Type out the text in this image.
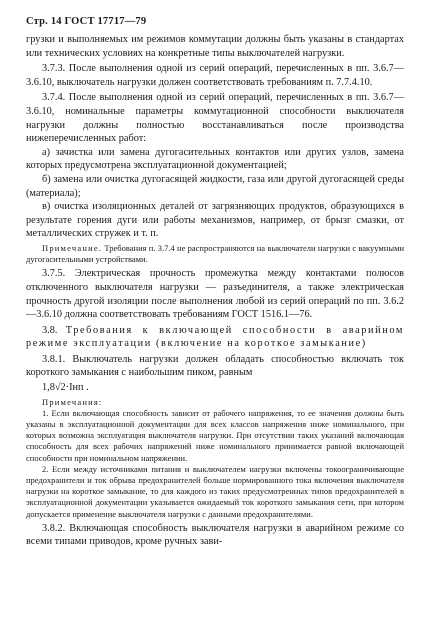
Стр. 14 ГОСТ 17717—79

грузки и выполняемых им режимов коммутации должны быть указаны в стандартах или технических условиях на конкретные типы выключателей нагрузки.

3.7.3. После выполнения одной из серий операций, перечисленных в пп. 3.6.7—3.6.10, выключатель нагрузки должен соответствовать требованиям п. 7.7.4.10.

3.7.4. После выполнения одной из серий операций, перечисленных в пп. 3.6.7—3.6.10, номинальные параметры коммутационной способности выключателя нагрузки должны полностью восстанавливаться после производства нижеперечисленных работ:

а) зачистка или замена дугогасительных контактов или других узлов, замена которых предусмотрена эксплуатационной документацией;

б) замена или очистка дугогасящей жидкости, газа или другой дугогасящей среды (материала);

в) очистка изоляционных деталей от загрязняющих продуктов, образующихся в результате горения дуги или работы механизмов, например, от брызг смазки, от металлических стружек и т. п.

Примечание. Требования п. 3.7.4 не распространяются на выключатели нагрузки с вакуумными дугогасительными устройствами.

3.7.5. Электрическая прочность промежутка между контактами полюсов отключенного выключателя нагрузки — разъединителя, а также электрическая прочность другой изоляции после выполнения любой из серий операций по пп. 3.6.2—3.6.10 должна соответствовать требованиям ГОСТ 1516.1—76.

3.8. Требования к включающей способности в аварийном режиме эксплуатации (включение на короткое замыкание)

3.8.1. Выключатель нагрузки должен обладать способностью включать ток короткого замыкания с наибольшим пиком, равным

1,8√2·Iнп .

Примечания:

1. Если включающая способность зависит от рабочего напряжения, то ее значения должны быть указаны в эксплуатационной документации для всех классов напряжения ниже номинального, при которых возможна эксплуатация выключателя нагрузки. При отсутствии таких указаний включающая способность для всех рабочих напряжений ниже номинального принимается равной включающей способности при номинальном напряжении.

2. Если между источниками питания и выключателем нагрузки включены токоограничивающие предохранители и ток обрыва предохранителей больше нормированного тока включения выключателя нагрузки на короткое замыкание, то для каждого из таких предусмотренных типов предохранителей в эксплуатационной документации указывается ожидаемый ток короткого замыкания сети, при котором допускается применение выключателя нагрузки с данными предохранителями.

3.8.2. Включающая способность выключателя нагрузки в аварийном режиме со всеми типами приводов, кроме ручных зави-
